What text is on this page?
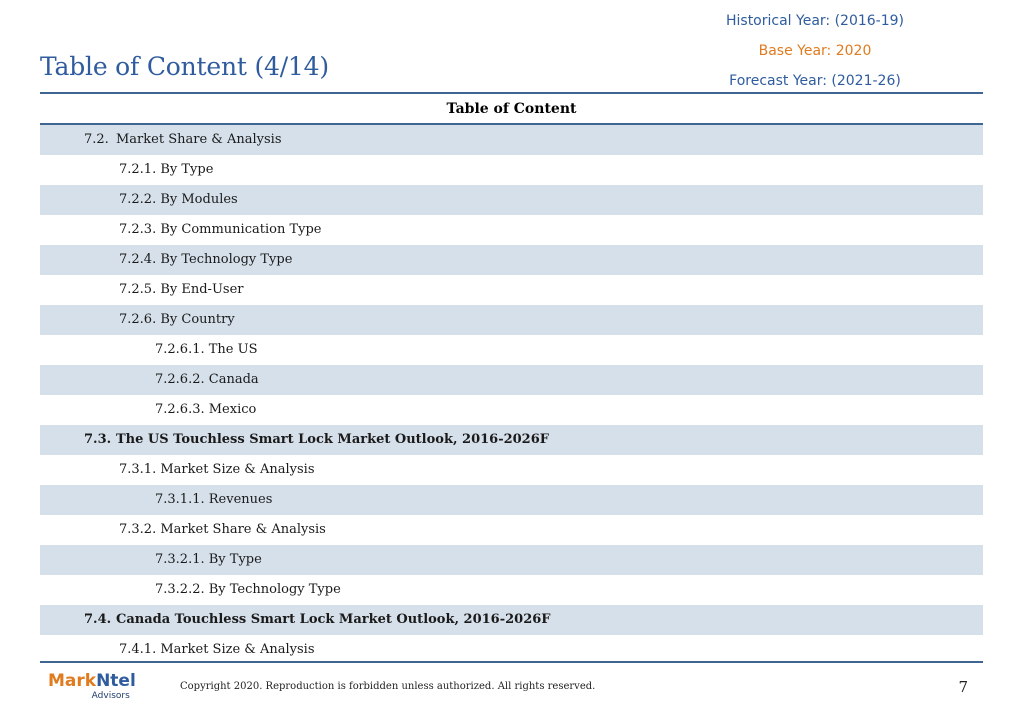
Historical Year: (2016-19)
Base Year: 2020
Forecast Year: (2021-26)
Table of Content (4/14)
Table of Content
7.2. Market Share & Analysis
7.2.1. By Type
7.2.2. By Modules
7.2.3. By Communication Type
7.2.4. By Technology Type
7.2.5. By End-User
7.2.6. By Country
7.2.6.1. The US
7.2.6.2. Canada
7.2.6.3. Mexico
7.3. The US Touchless Smart Lock Market Outlook, 2016-2026F
7.3.1. Market Size & Analysis
7.3.1.1. Revenues
7.3.2. Market Share & Analysis
7.3.2.1. By Type
7.3.2.2. By Technology Type
7.4. Canada Touchless Smart Lock Market Outlook, 2016-2026F
7.4.1. Market Size & Analysis
MarkNtel
Advisors
Copyright 2020. Reproduction is forbidden unless authorized. All rights reserved.	7
